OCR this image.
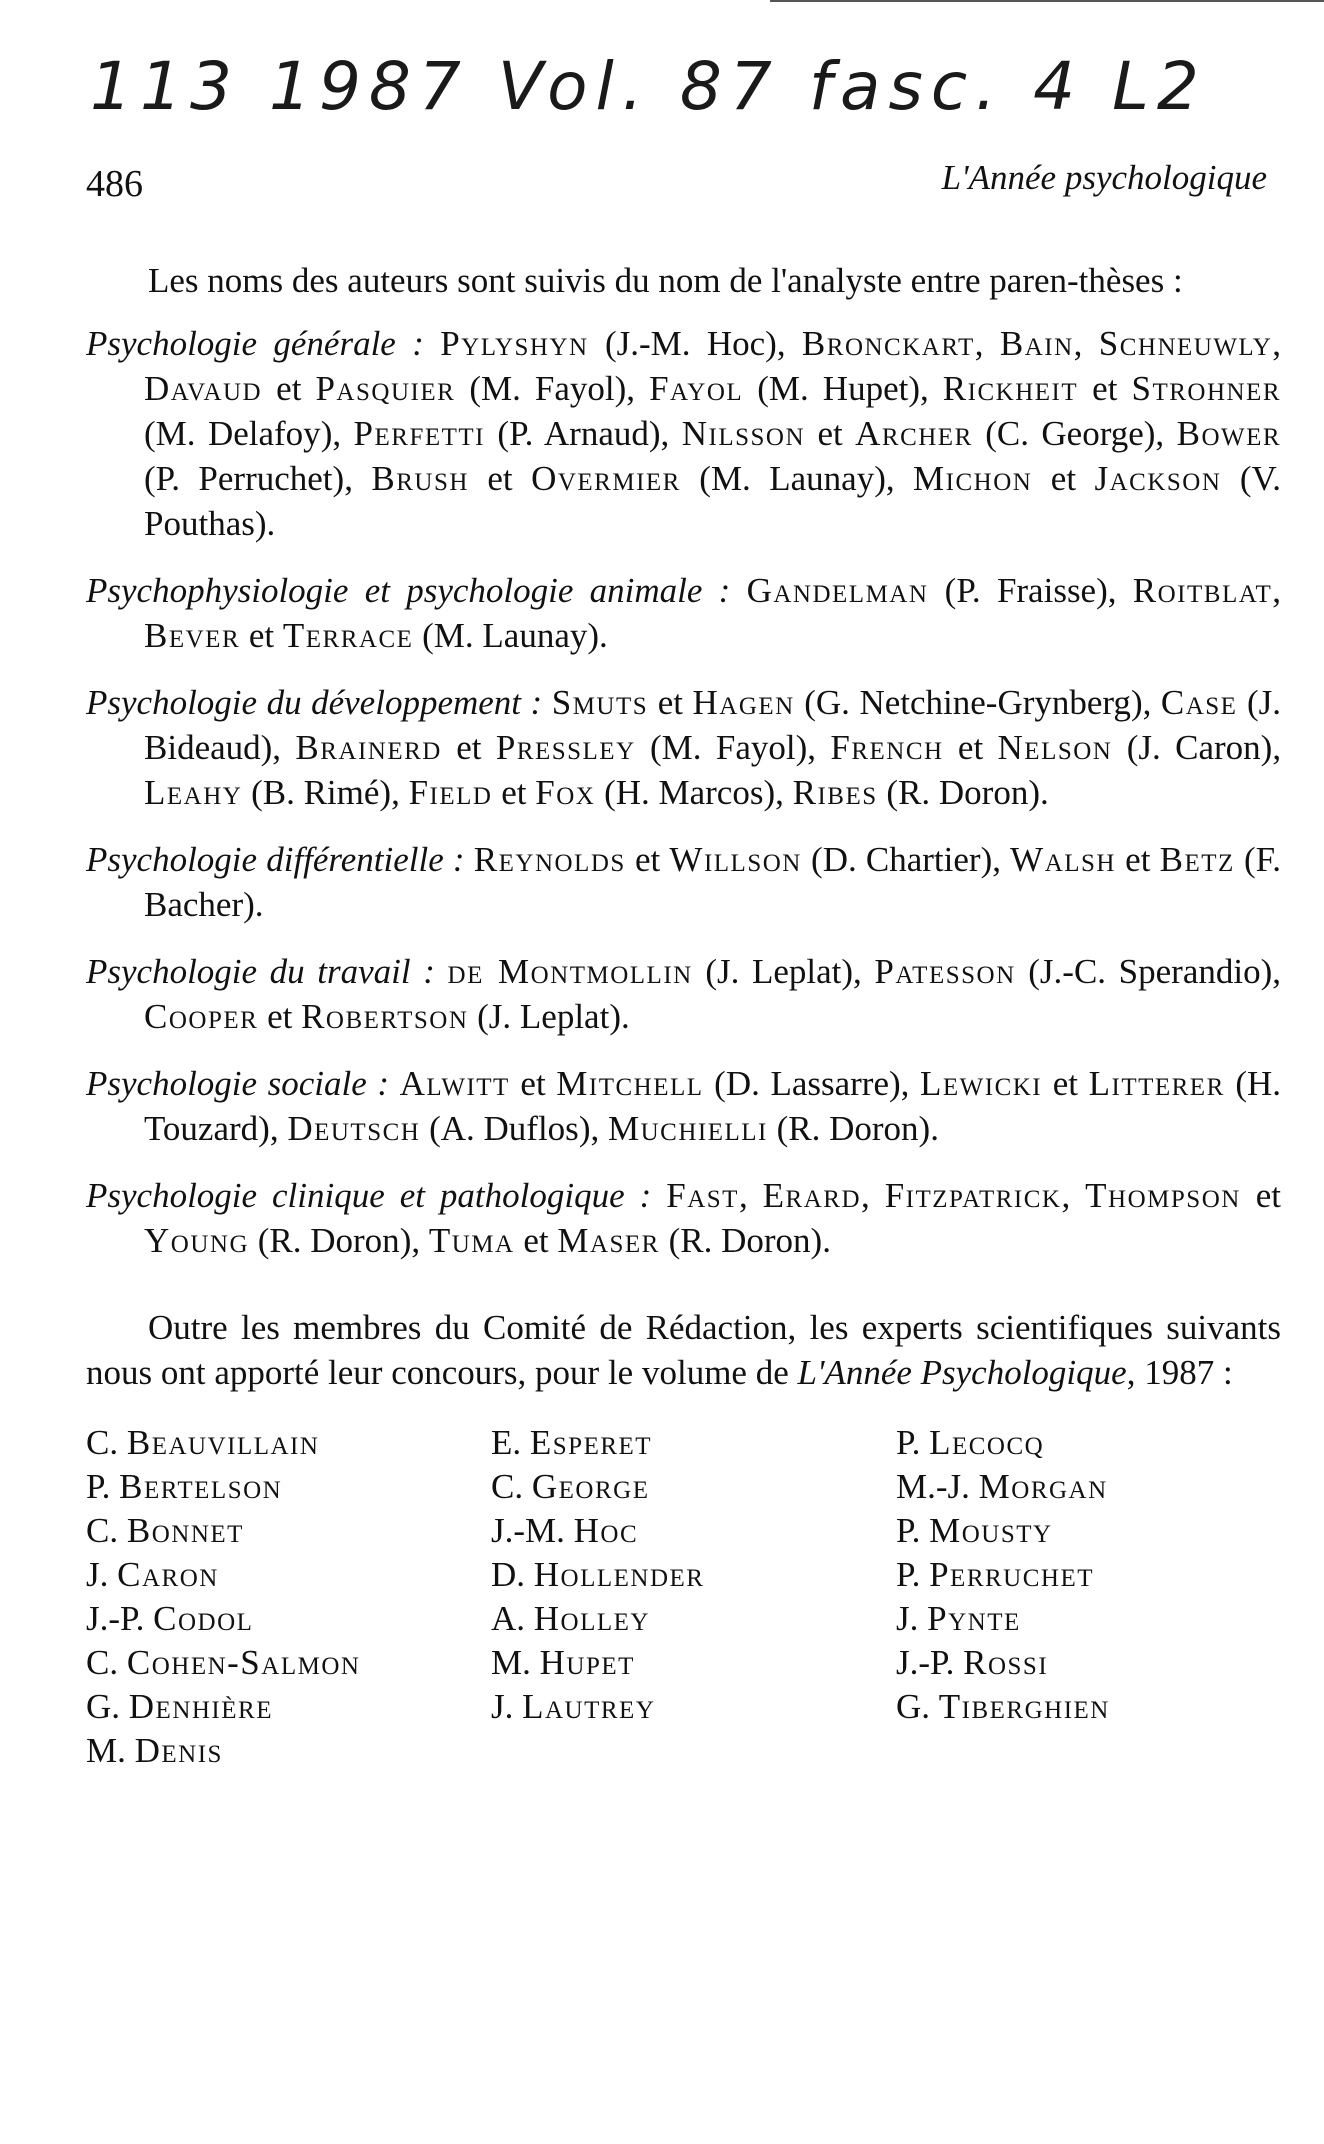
113 1987 Vol. 87 fasc. 4 L2
486	L'Année psychologique

Les noms des auteurs sont suivis du nom de l'analyste entre paren-thèses :

Psychologie générale : Pylyshyn (J.-M. Hoc), Bronckart, Bain, Schneuwly, Davaud et Pasquier (M. Fayol), Fayol (M. Hupet), Rickheit et Strohner (M. Delafoy), Perfetti (P. Arnaud), Nilsson et Archer (C. George), Bower (P. Perruchet), Brush et Overmier (M. Launay), Michon et Jackson (V. Pouthas).

Psychophysiologie et psychologie animale : Gandelman (P. Fraisse), Roitblat, Bever et Terrace (M. Launay).

Psychologie du développement : Smuts et Hagen (G. Netchine-Grynberg), Case (J. Bideaud), Brainerd et Pressley (M. Fayol), French et Nelson (J. Caron), Leahy (B. Rimé), Field et Fox (H. Marcos), Ribes (R. Doron).

Psychologie différentielle : Reynolds et Willson (D. Chartier), Walsh et Betz (F. Bacher).

Psychologie du travail : de Montmollin (J. Leplat), Patesson (J.-C. Sperandio), Cooper et Robertson (J. Leplat).

Psychologie sociale : Alwitt et Mitchell (D. Lassarre), Lewicki et Litterer (H. Touzard), Deutsch (A. Duflos), Muchielli (R. Doron).

Psychologie clinique et pathologique : Fast, Erard, Fitzpatrick, Thompson et Young (R. Doron), Tuma et Maser (R. Doron).

Outre les membres du Comité de Rédaction, les experts scientifiques suivants nous ont apporté leur concours, pour le volume de L'Année Psychologique, 1987 :

C. Beauvillain
P. Bertelson
C. Bonnet
J. Caron
J.-P. Codol
C. Cohen-Salmon
G. Denhière
M. Denis
E. Esperet
C. George
J.-M. Hoc
D. Hollender
A. Holley
M. Hupet
J. Lautrey
P. Lecocq
M.-J. Morgan
P. Mousty
P. Perruchet
J. Pynte
J.-P. Rossi
G. Tiberghien
